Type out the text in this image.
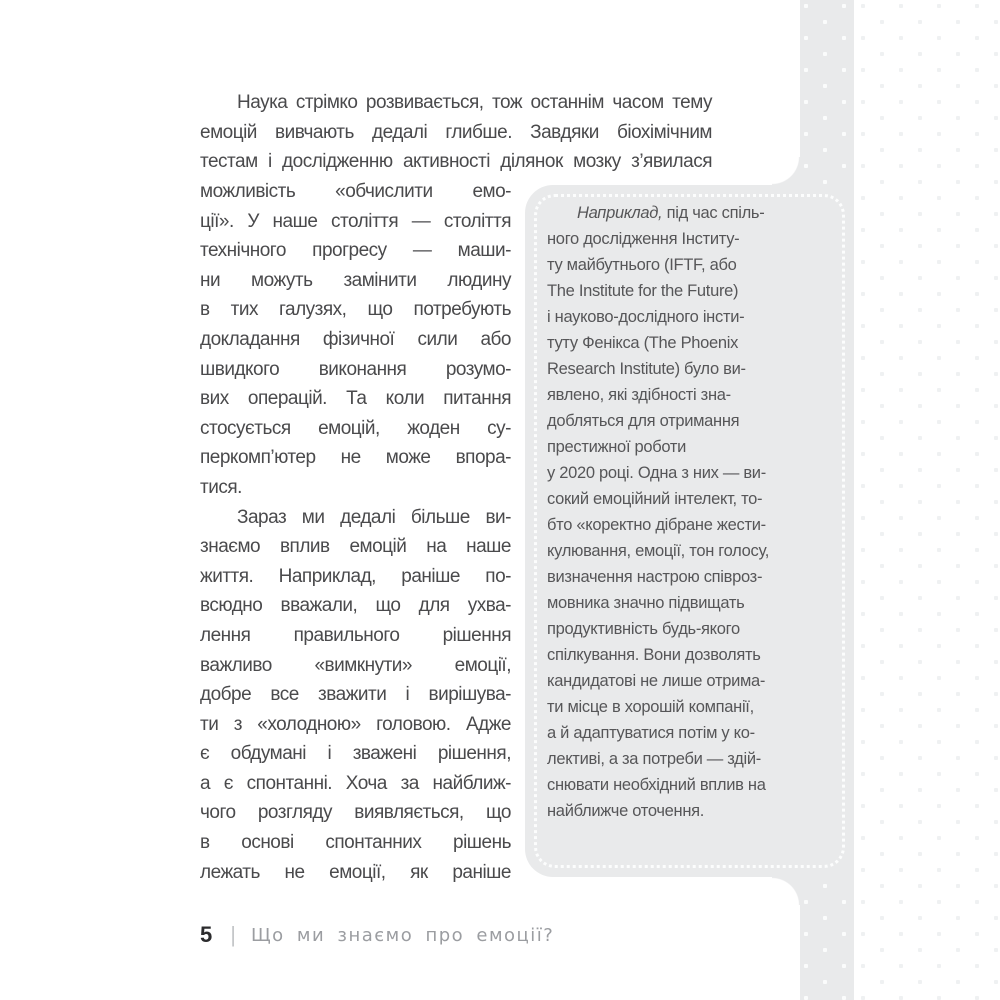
Наука стрімко розвивається, тож останнім часом тему
емоцій вивчають дедалі глибше. Завдяки біохімічним
тестам і дослідженню активності ділянок мозку з’явилася
можливість «обчислити емо-
ції». У наше століття — століття
технічного прогресу — маши-
ни можуть замінити людину
в тих галузях, що потребують
докладання фізичної сили або
швидкого виконання розумо-
вих операцій. Та коли питання
стосується емоцій, жоден су-
перкомп’ютер не може впора-
тися.
Зараз ми дедалі більше ви-
знаємо вплив емоцій на наше
життя. Наприклад, раніше по-
всюдно вважали, що для ухва-
лення правильного рішення
важливо «вимкнути» емоції,
добре все зважити і вирішува-
ти з «холодною» головою. Адже
є обдумані і зважені рішення,
а є спонтанні. Хоча за найближ-
чого розгляду виявляється, що
в основі спонтанних рішень
лежать не емоції, як раніше
Наприклад, під час спіль-
ного дослідження Інститу-
ту майбутнього (IFTF, або
The Institute for the Future)
і науково-дослідного інсти-
туту Фенікса (The Phoenix
Research Institute) було ви-
явлено, які здібності зна-
добляться для отримання
престижної роботи
у 2020 році. Одна з них — ви-
сокий емоційний інтелект, то-
бто «коректно дібране жести-
кулювання, емоції, тон голосу,
визначення настрою співроз-
мовника значно підвищать
продуктивність будь-якого
спілкування. Вони дозволять
кандидатові не лише отрима-
ти місце в хорошій компанії,
а й адаптуватися потім у ко-
лективі, а за потреби — здій-
снювати необхідний вплив на
найближче оточення.
5 | Що ми знаємо про емоції?
